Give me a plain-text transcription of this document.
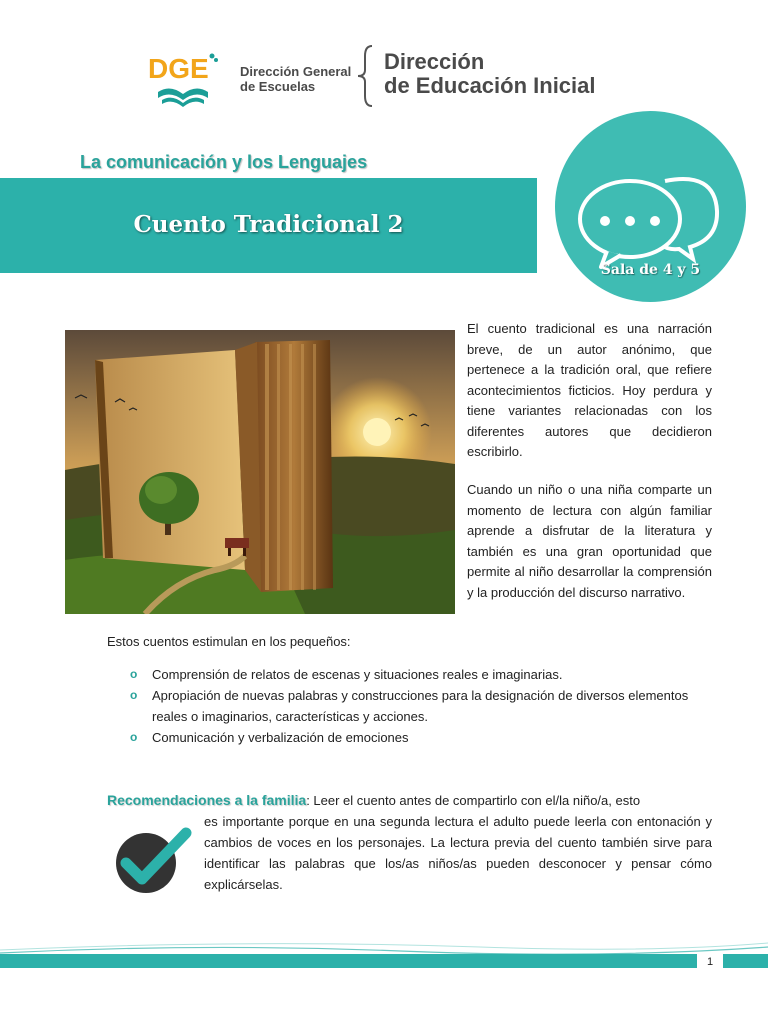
DGE Dirección General
de Escuelas
Dirección
de Educación Inicial
La comunicación y los Lenguajes
Cuento Tradicional 2
Sala de 4 y 5
El cuento tradicional es una narración breve, de un autor anónimo, que pertenece a la tradición oral, que refiere acontecimientos ficticios. Hoy perdura y tiene variantes relacionadas con los diferentes autores que decidieron escribirlo.
Cuando un niño o una niña comparte un momento de lectura con algún familiar aprende a disfrutar de la literatura y también es una gran oportunidad que permite al niño desarrollar la comprensión y la producción del discurso narrativo.
Estos cuentos estimulan en los pequeños:
o Comprensión de relatos de escenas y situaciones reales e imaginarias.
o Apropiación de nuevas palabras y construcciones para la designación de diversos elementos reales o imaginarios, características y acciones.
o Comunicación y verbalización de emociones
Recomendaciones a la familia: Leer el cuento antes de compartirlo con el/la niño/a, esto
es importante porque en una segunda lectura el adulto puede leerla con entonación y cambios de voces en los personajes. La lectura previa del cuento también sirve para identificar las palabras que los/as niños/as pueden desconocer y pensar cómo explicárselas.
1
